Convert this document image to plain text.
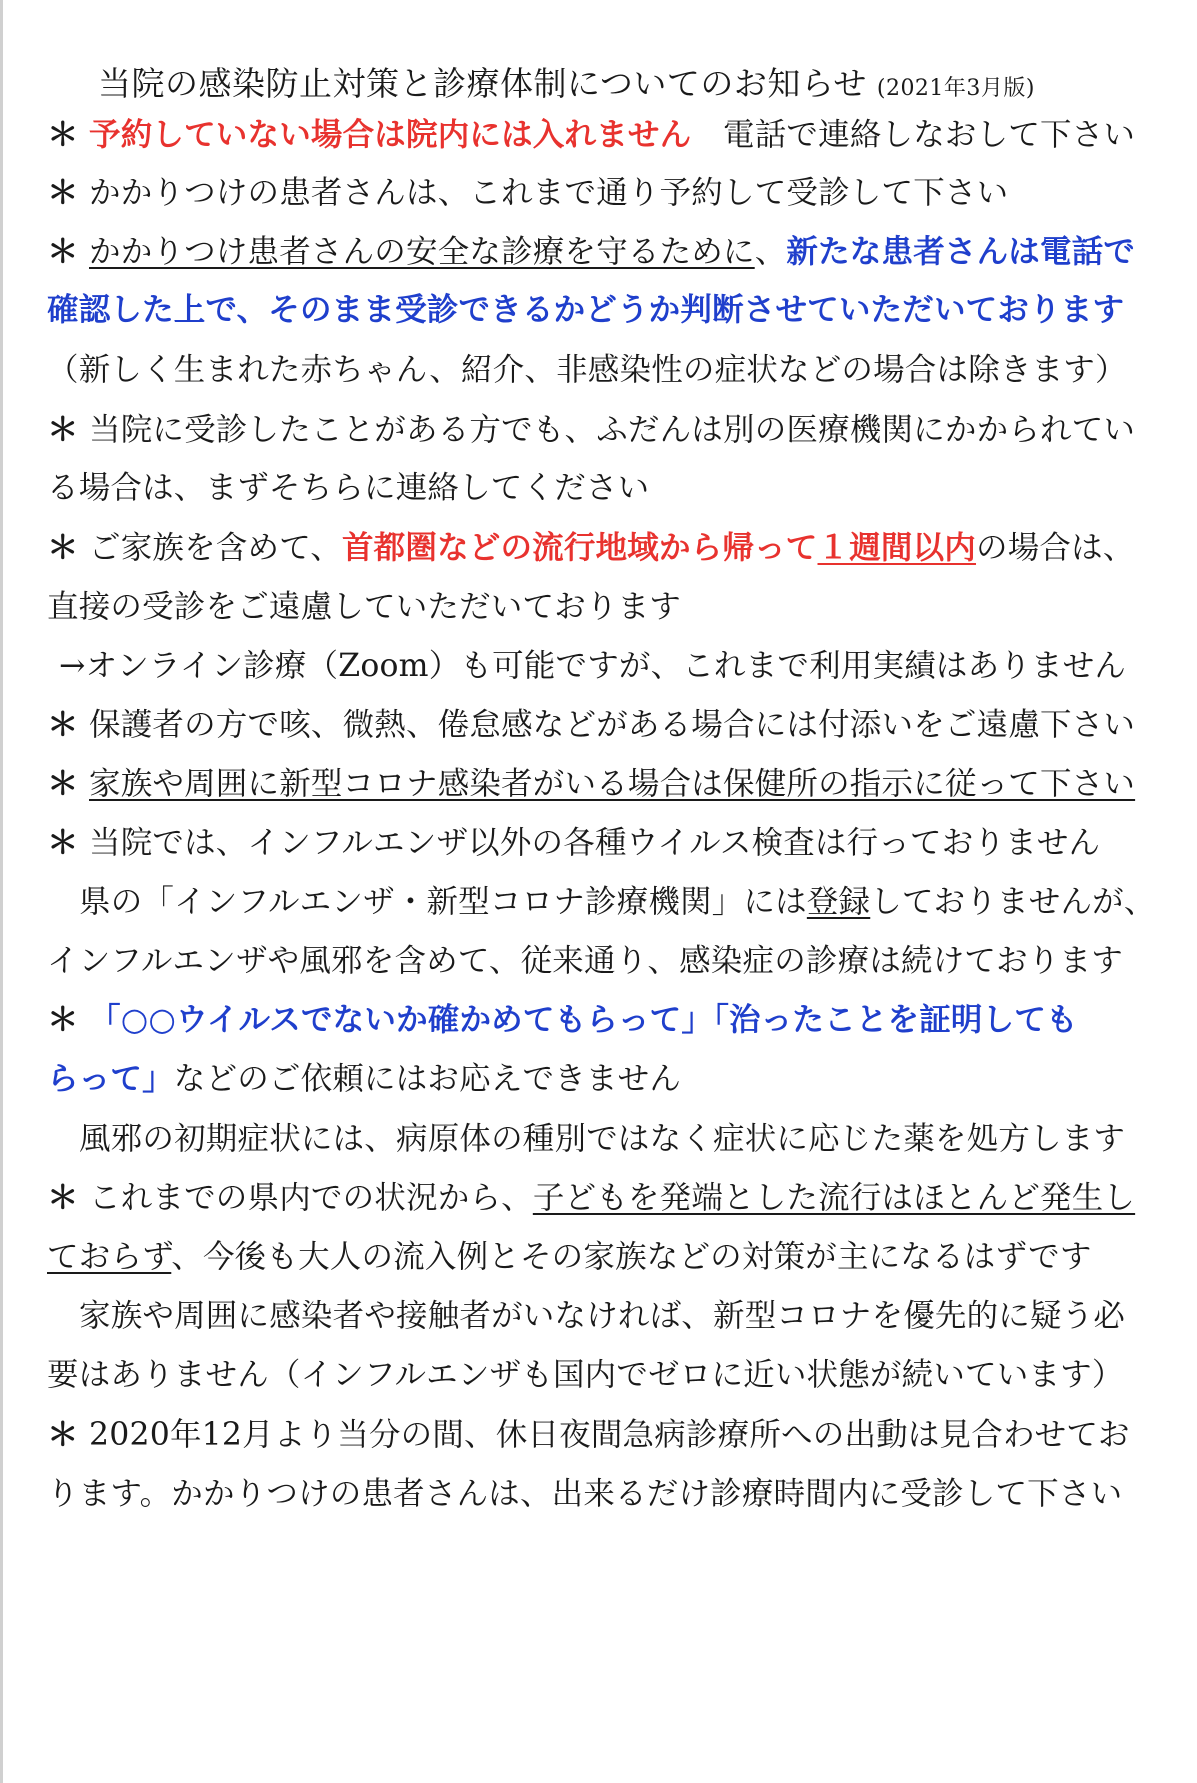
当院の感染防止対策と診療体制についてのお知らせ (2021年3月版)
＊ 予約していない場合は院内には入れません　電話で連絡しなおして下さい
＊ かかりつけの患者さんは、これまで通り予約して受診して下さい
＊ かかりつけ患者さんの安全な診療を守るために、新たな患者さんは電話で
確認した上で、そのまま受診できるかどうか判断させていただいております
（新しく生まれた赤ちゃん、紹介、非感染性の症状などの場合は除きます）
＊ 当院に受診したことがある方でも、ふだんは別の医療機関にかかられてい
る場合は、まずそちらに連絡してください
＊ ご家族を含めて、首都圏などの流行地域から帰って１週間以内の場合は、
直接の受診をご遠慮していただいております
→オンライン診療（Zoom）も可能ですが、これまで利用実績はありません
＊ 保護者の方で咳、微熱、倦怠感などがある場合には付添いをご遠慮下さい
＊ 家族や周囲に新型コロナ感染者がいる場合は保健所の指示に従って下さい
＊ 当院では、インフルエンザ以外の各種ウイルス検査は行っておりません
県の「インフルエンザ・新型コロナ診療機関」には登録しておりませんが、
インフルエンザや風邪を含めて、従来通り、感染症の診療は続けております
＊ 「○○ウイルスでないか確かめてもらって」「治ったことを証明しても
らって」などのご依頼にはお応えできません
風邪の初期症状には、病原体の種別ではなく症状に応じた薬を処方します
＊ これまでの県内での状況から、子どもを発端とした流行はほとんど発生し
ておらず、今後も大人の流入例とその家族などの対策が主になるはずです
家族や周囲に感染者や接触者がいなければ、新型コロナを優先的に疑う必
要はありません（インフルエンザも国内でゼロに近い状態が続いています）
＊ 2020年12月より当分の間、休日夜間急病診療所への出動は見合わせてお
ります。かかりつけの患者さんは、出来るだけ診療時間内に受診して下さい
